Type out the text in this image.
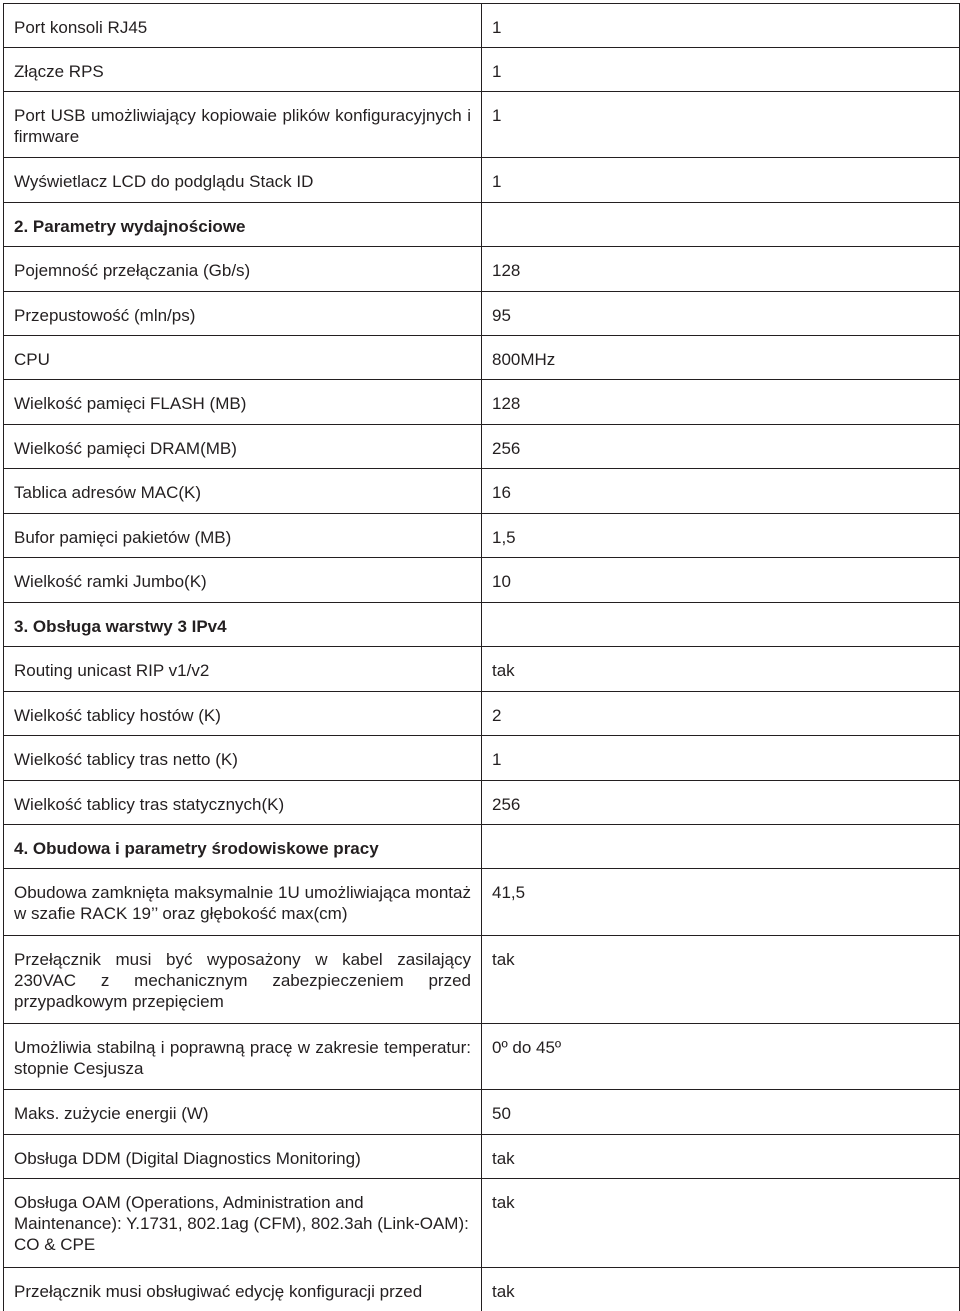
Port konsoli RJ45	1
Złącze RPS	1
Port USB umożliwiający kopiowaie plików konfiguracyjnych i firmware	1
Wyświetlacz LCD do podglądu Stack ID	1
2. Parametry wydajnościowe	
Pojemność przełączania (Gb/s)	128
Przepustowość (mln/ps)	95
CPU	800MHz
Wielkość pamięci FLASH (MB)	128
Wielkość pamięci DRAM(MB)	256
Tablica adresów MAC(K)	16
Bufor pamięci pakietów (MB)	1,5
Wielkość ramki Jumbo(K)	10
3. Obsługa warstwy 3 IPv4	
Routing unicast RIP v1/v2	tak
Wielkość tablicy hostów (K)	2
Wielkość tablicy tras netto (K)	1
Wielkość tablicy tras statycznych(K)	256
4. Obudowa i parametry środowiskowe pracy	
Obudowa zamknięta maksymalnie 1U umożliwiająca montaż w szafie RACK 19’’ oraz głębokość max(cm)	41,5
Przełącznik musi być wyposażony w kabel zasilający 230VAC z mechanicznym zabezpieczeniem przed przypadkowym przepięciem	tak
Umożliwia stabilną i poprawną pracę w zakresie temperatur: stopnie Cesjusza	0º do 45º
Maks. zużycie energii (W)	50
Obsługa DDM (Digital Diagnostics Monitoring)	tak
Obsługa OAM (Operations, Administration and Maintenance): Y.1731, 802.1ag (CFM), 802.3ah (Link-OAM): CO & CPE	tak
Przełącznik musi obsługiwać edycję konfiguracji przed	tak
